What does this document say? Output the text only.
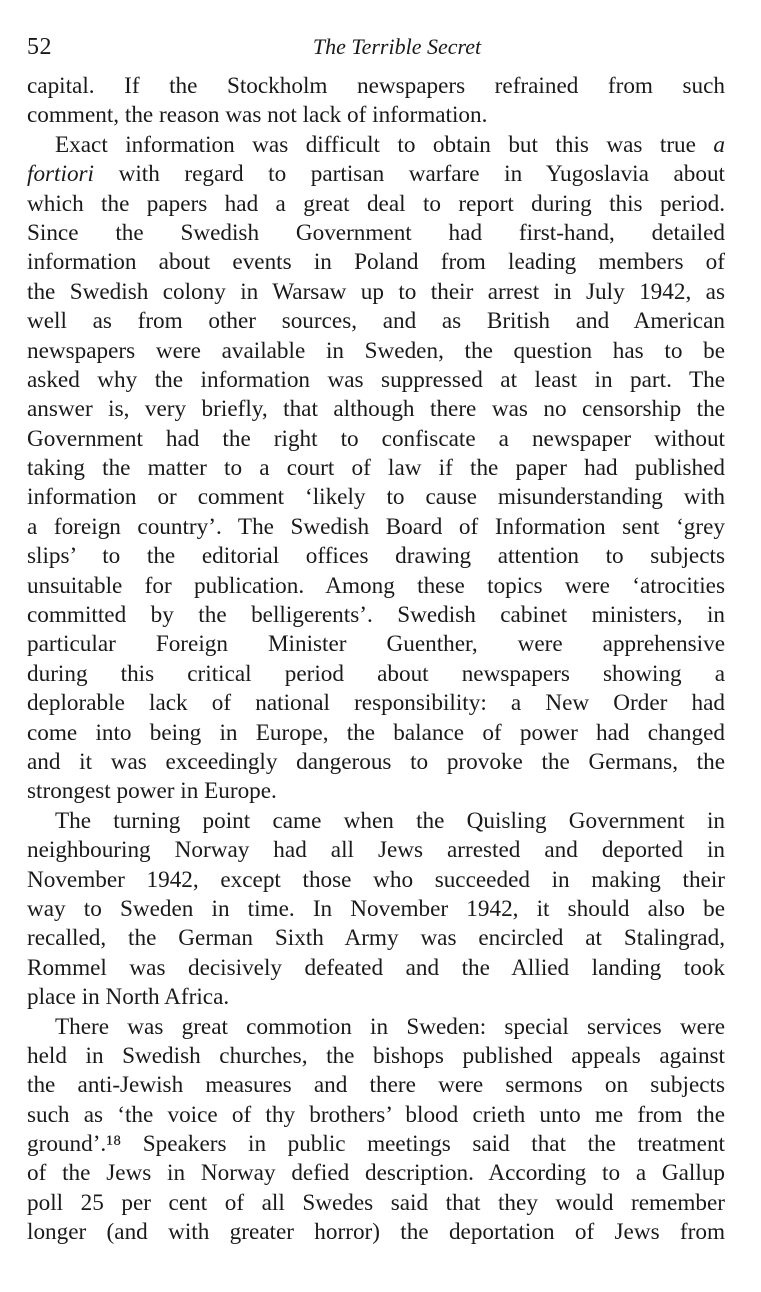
52	The Terrible Secret
capital. If the Stockholm newspapers refrained from such
comment, the reason was not lack of information.
Exact information was difficult to obtain but this was true a
fortiori with regard to partisan warfare in Yugoslavia about
which the papers had a great deal to report during this period.
Since the Swedish Government had first-hand, detailed
information about events in Poland from leading members of
the Swedish colony in Warsaw up to their arrest in July 1942, as
well as from other sources, and as British and American
newspapers were available in Sweden, the question has to be
asked why the information was suppressed at least in part. The
answer is, very briefly, that although there was no censorship the
Government had the right to confiscate a newspaper without
taking the matter to a court of law if the paper had published
information or comment ‘likely to cause misunderstanding with
a foreign country’. The Swedish Board of Information sent ‘grey
slips’ to the editorial offices drawing attention to subjects
unsuitable for publication. Among these topics were ‘atrocities
committed by the belligerents’. Swedish cabinet ministers, in
particular Foreign Minister Guenther, were apprehensive
during this critical period about newspapers showing a
deplorable lack of national responsibility: a New Order had
come into being in Europe, the balance of power had changed
and it was exceedingly dangerous to provoke the Germans, the
strongest power in Europe.
The turning point came when the Quisling Government in
neighbouring Norway had all Jews arrested and deported in
November 1942, except those who succeeded in making their
way to Sweden in time. In November 1942, it should also be
recalled, the German Sixth Army was encircled at Stalingrad,
Rommel was decisively defeated and the Allied landing took
place in North Africa.
There was great commotion in Sweden: special services were
held in Swedish churches, the bishops published appeals against
the anti-Jewish measures and there were sermons on subjects
such as ‘the voice of thy brothers’ blood crieth unto me from the
ground’.¹⁸ Speakers in public meetings said that the treatment
of the Jews in Norway defied description. According to a Gallup
poll 25 per cent of all Swedes said that they would remember
longer (and with greater horror) the deportation of Jews from
